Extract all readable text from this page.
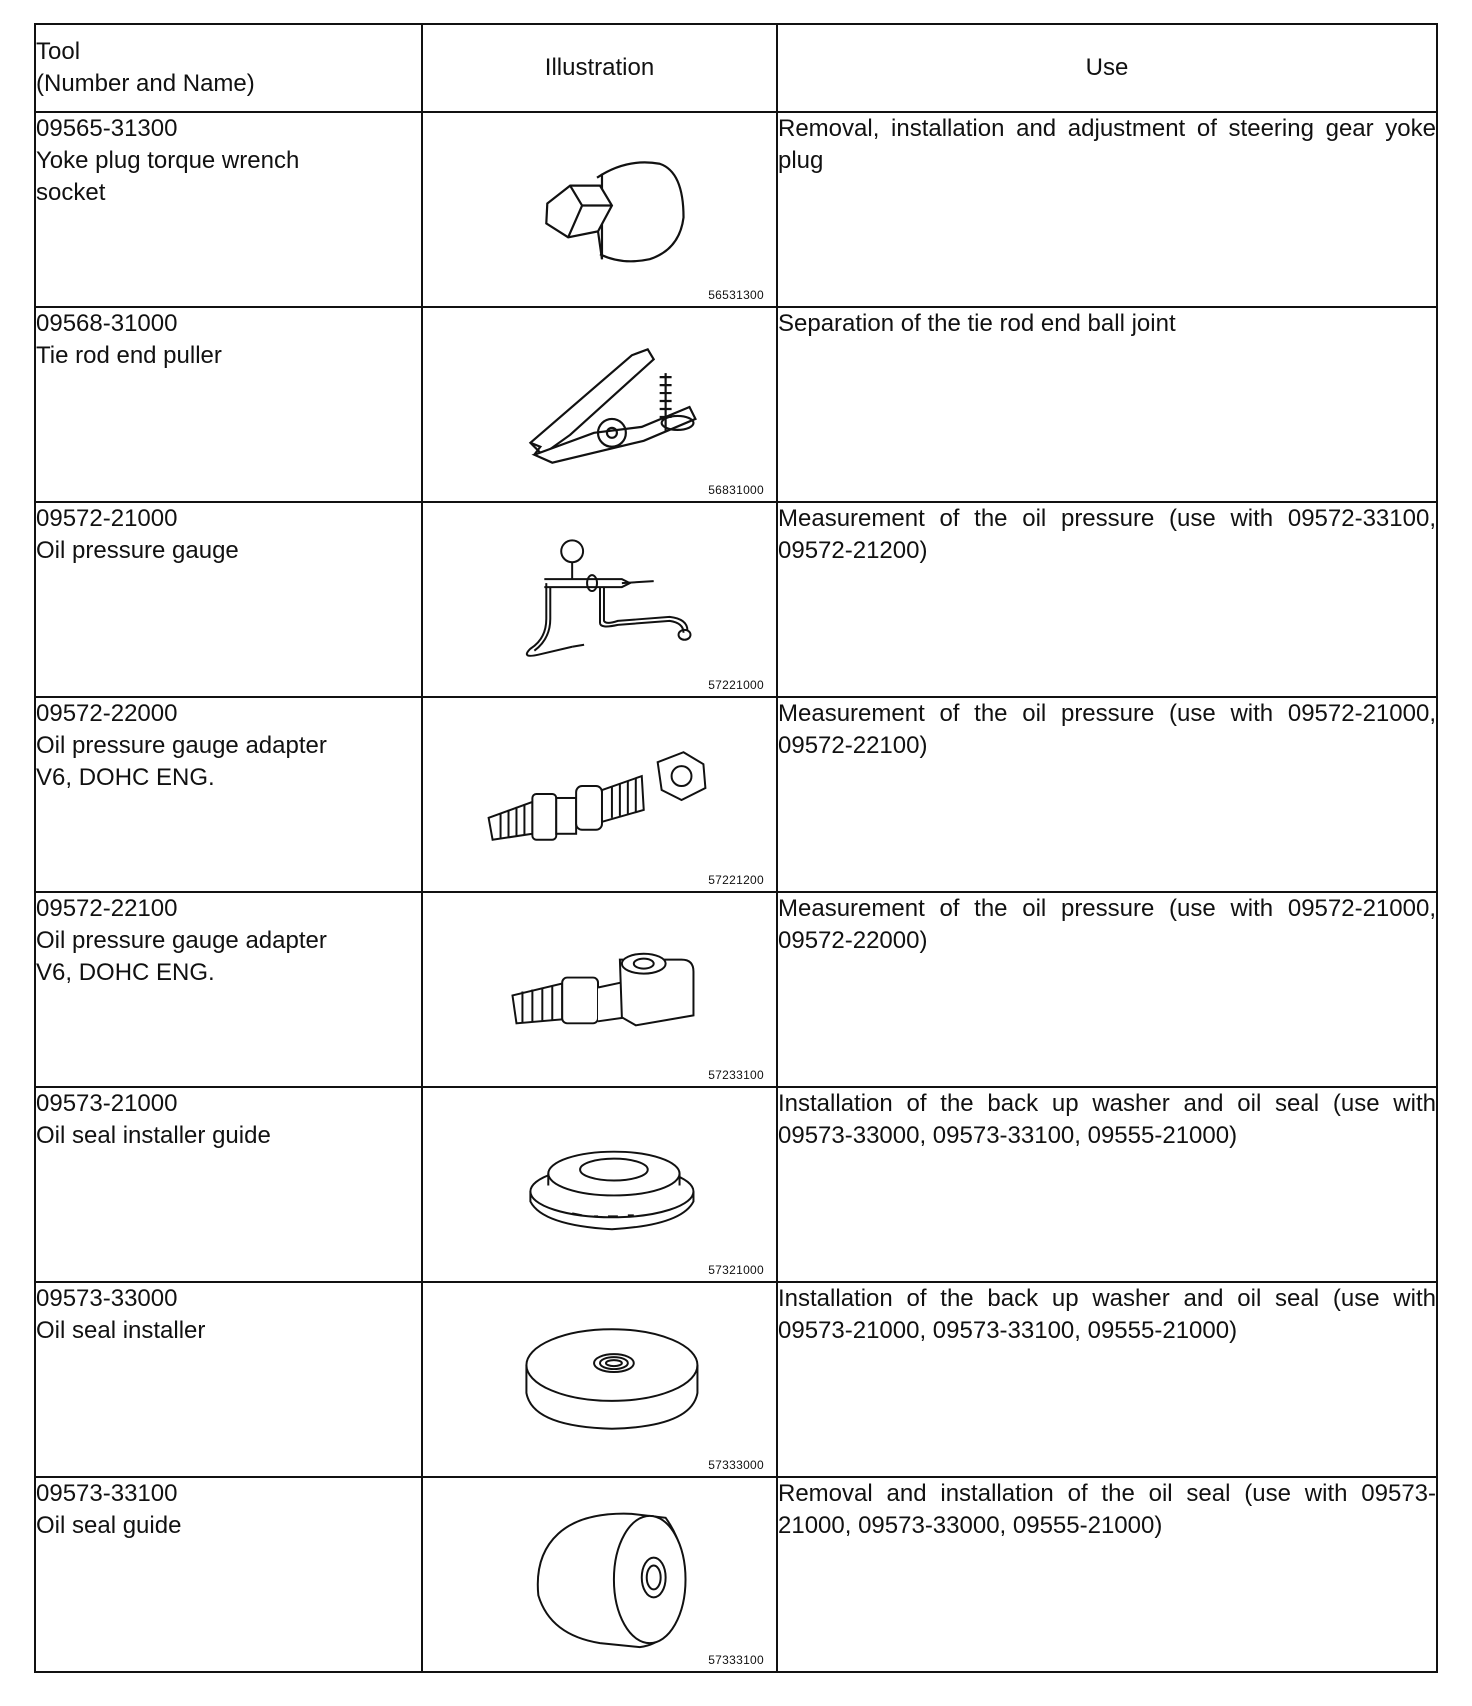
Tool
(Number and Name)	Illustration	Use

09565-31300
Yoke plug torque wrench
socket	56531300	Removal, installation and adjustment of steering gear yoke plug

09568-31000
Tie rod end puller	56831000	Separation of the tie rod end ball joint

09572-21000
Oil pressure gauge	57221000	Measurement of the oil pressure (use with 09572-33100, 09572-21200)

09572-22000
Oil pressure gauge adapter
V6, DOHC ENG.	57221200	Measurement of the oil pressure (use with 09572-21000, 09572-22100)

09572-22100
Oil pressure gauge adapter
V6, DOHC ENG.	57233100	Measurement of the oil pressure (use with 09572-21000, 09572-22000)

09573-21000
Oil seal installer guide	57321000	Installation of the back up washer and oil seal (use with 09573-33000, 09573-33100, 09555-21000)

09573-33000
Oil seal installer	57333000	Installation of the back up washer and oil seal (use with 09573-21000, 09573-33100, 09555-21000)

09573-33100
Oil seal guide	57333100	Removal and installation of the oil seal (use with 09573-21000, 09573-33000, 09555-21000)
